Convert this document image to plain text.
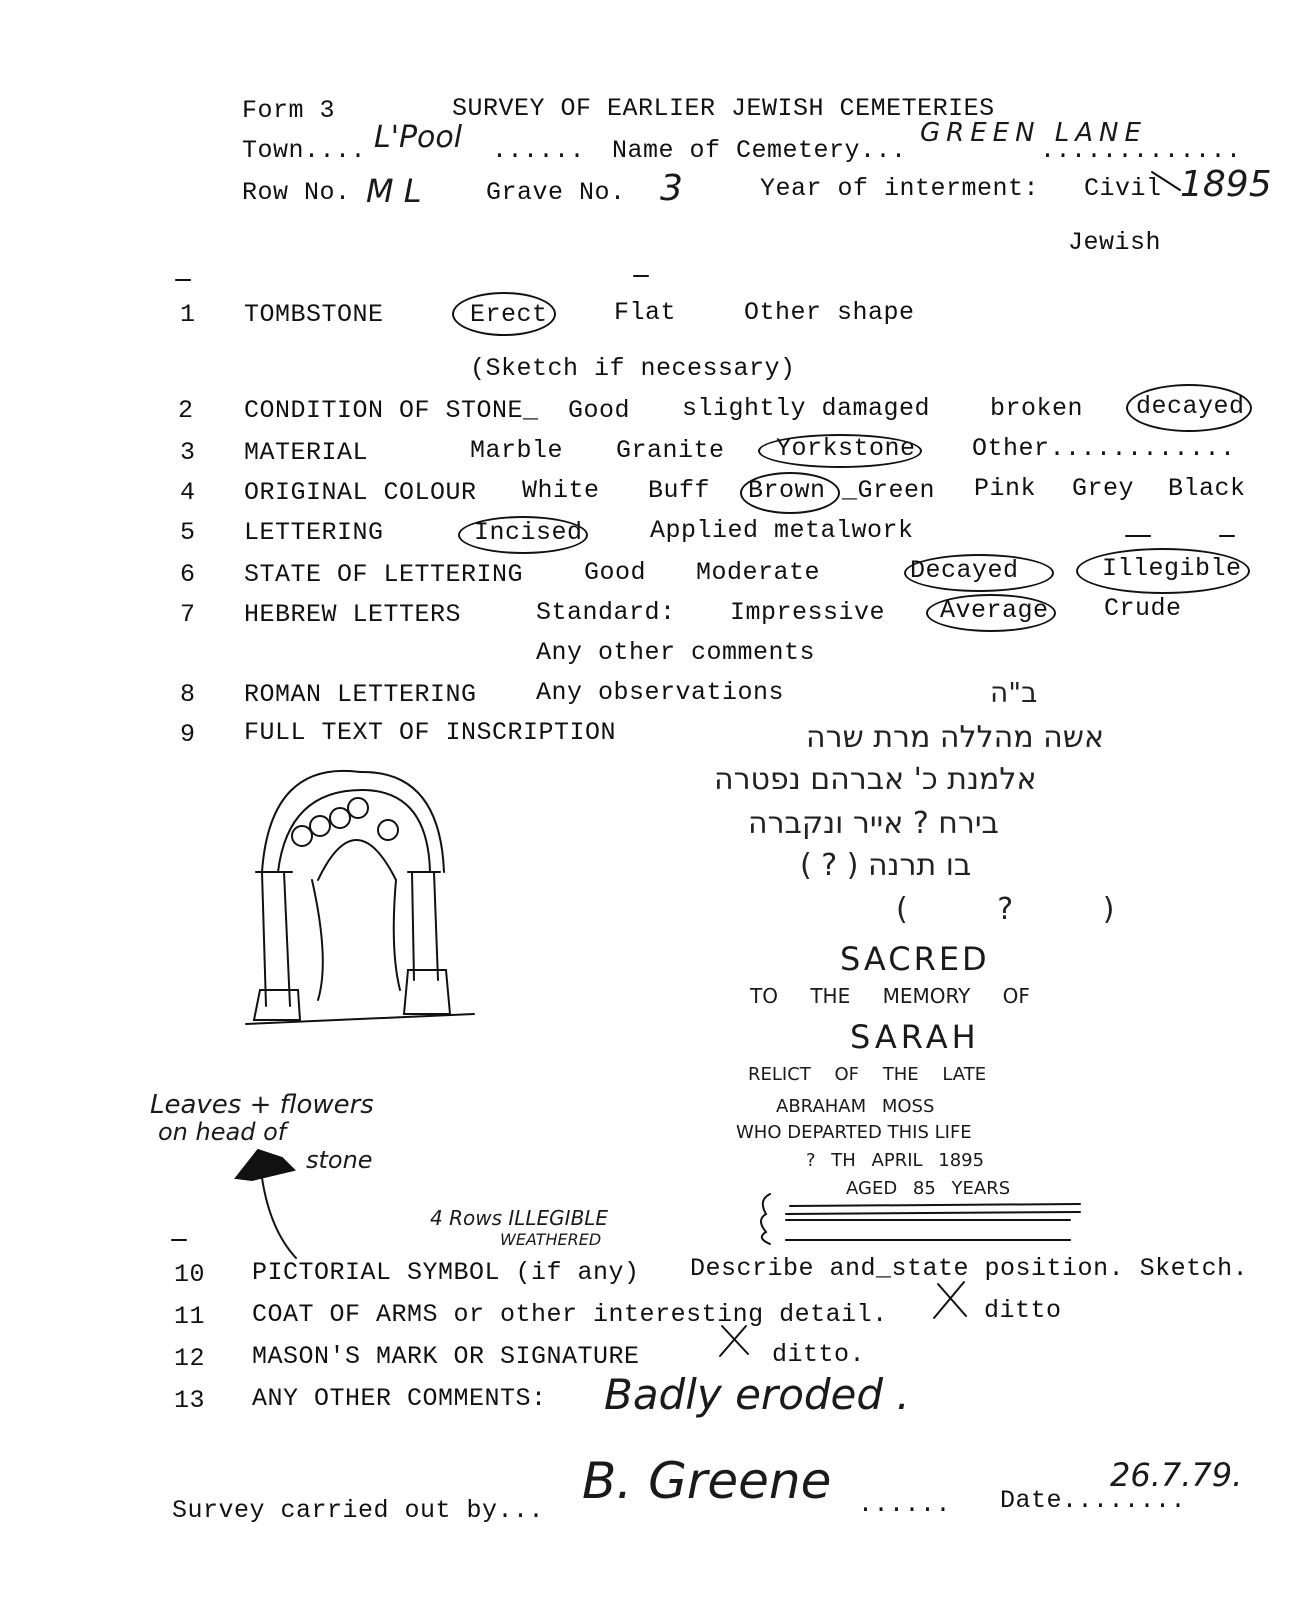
Form 3	SURVEY OF EARLIER JEWISH CEMETERIES
Town.... L'Pool ...... Name of Cemetery...
GREEN LANE
.............
Row No. M L	Grave No. 3	Year of interment: Civil 1895
Jewish
1 TOMBSTONE	Erect	Flat	Other shape
(Sketch if necessary)
2 CONDITION OF STONE_ Good slightly damaged broken decayed
3 MATERIAL	Marble Granite Yorkstone Other............
4 ORIGINAL COLOUR White Buff Brown _Green Pink Grey Black
5 LETTERING	Incised	Applied metalwork
6 STATE OF LETTERING Good Moderate	Decayed	Illegible
7 HEBREW LETTERS	Standard: Impressive Average Crude
Any other comments
8 ROMAN LETTERING Any observations
9 FULL TEXT OF INSCRIPTION
ב"ה
אשה מהללה מרת שרה
אלמנת כ' אברהם נפטרה
בירח ? אייר ונקברה
בו תרנה ( ? )
( ? )
SACRED
TO THE MEMORY OF
SARAH
RELICT OF THE LATE
ABRAHAM MOSS
WHO DEPARTED THIS LIFE
? TH APRIL 1895
AGED 85 YEARS
Leaves + flowers
on head of
stone
4 Rows ILLEGIBLE
WEATHERED
10 PICTORIAL SYMBOL (if any) Describe and_state position. Sketch.
11 COAT OF ARMS or other interesting detail.	ditto
12 MASON'S MARK OR SIGNATURE	ditto.
13 ANY OTHER COMMENTS: Badly eroded .
Survey carried out by...
B. Greene ...... Date........
26.7.79.
